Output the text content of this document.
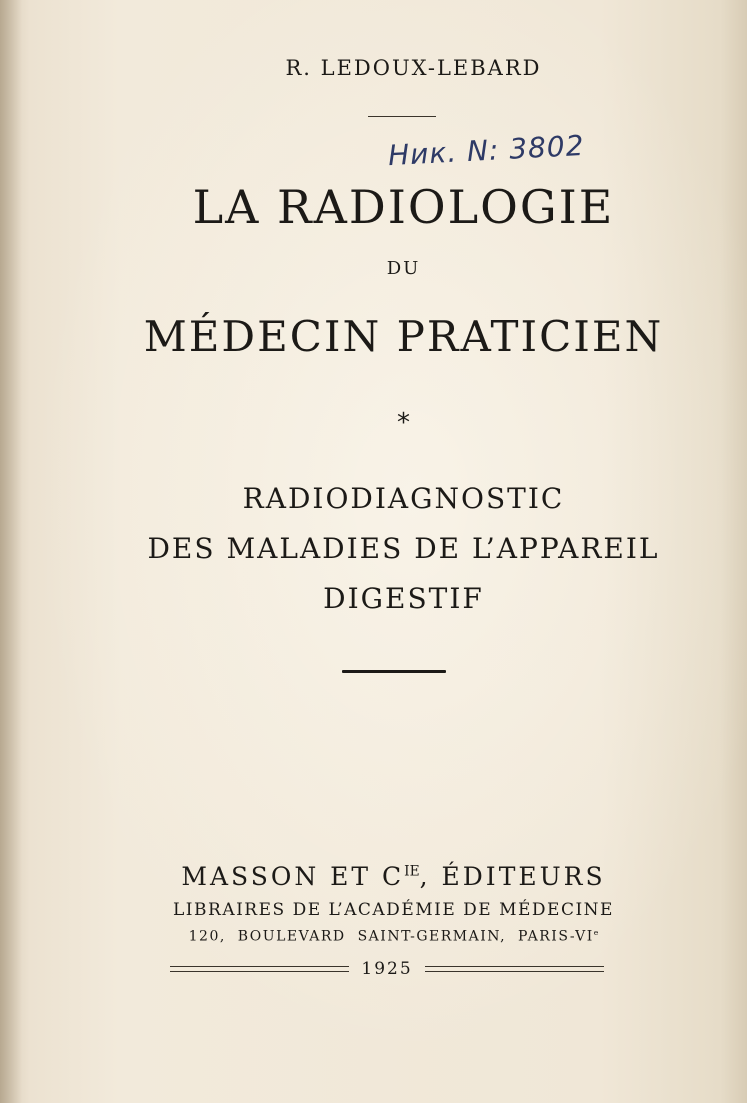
R. LEDOUX-LEBARD
Ник. N: 3802
LA RADIOLOGIE
DU
MÉDECIN PRATICIEN
*
RADIODIAGNOSTIC
DES MALADIES DE L’APPAREIL
DIGESTIF
MASSON ET $C^{IE}$, ÉDITEURS
LIBRAIRES DE L’ACADÉMIE DE MÉDECINE
120, BOULEVARD SAINT-GERMAIN, PARIS-VIe
1925
